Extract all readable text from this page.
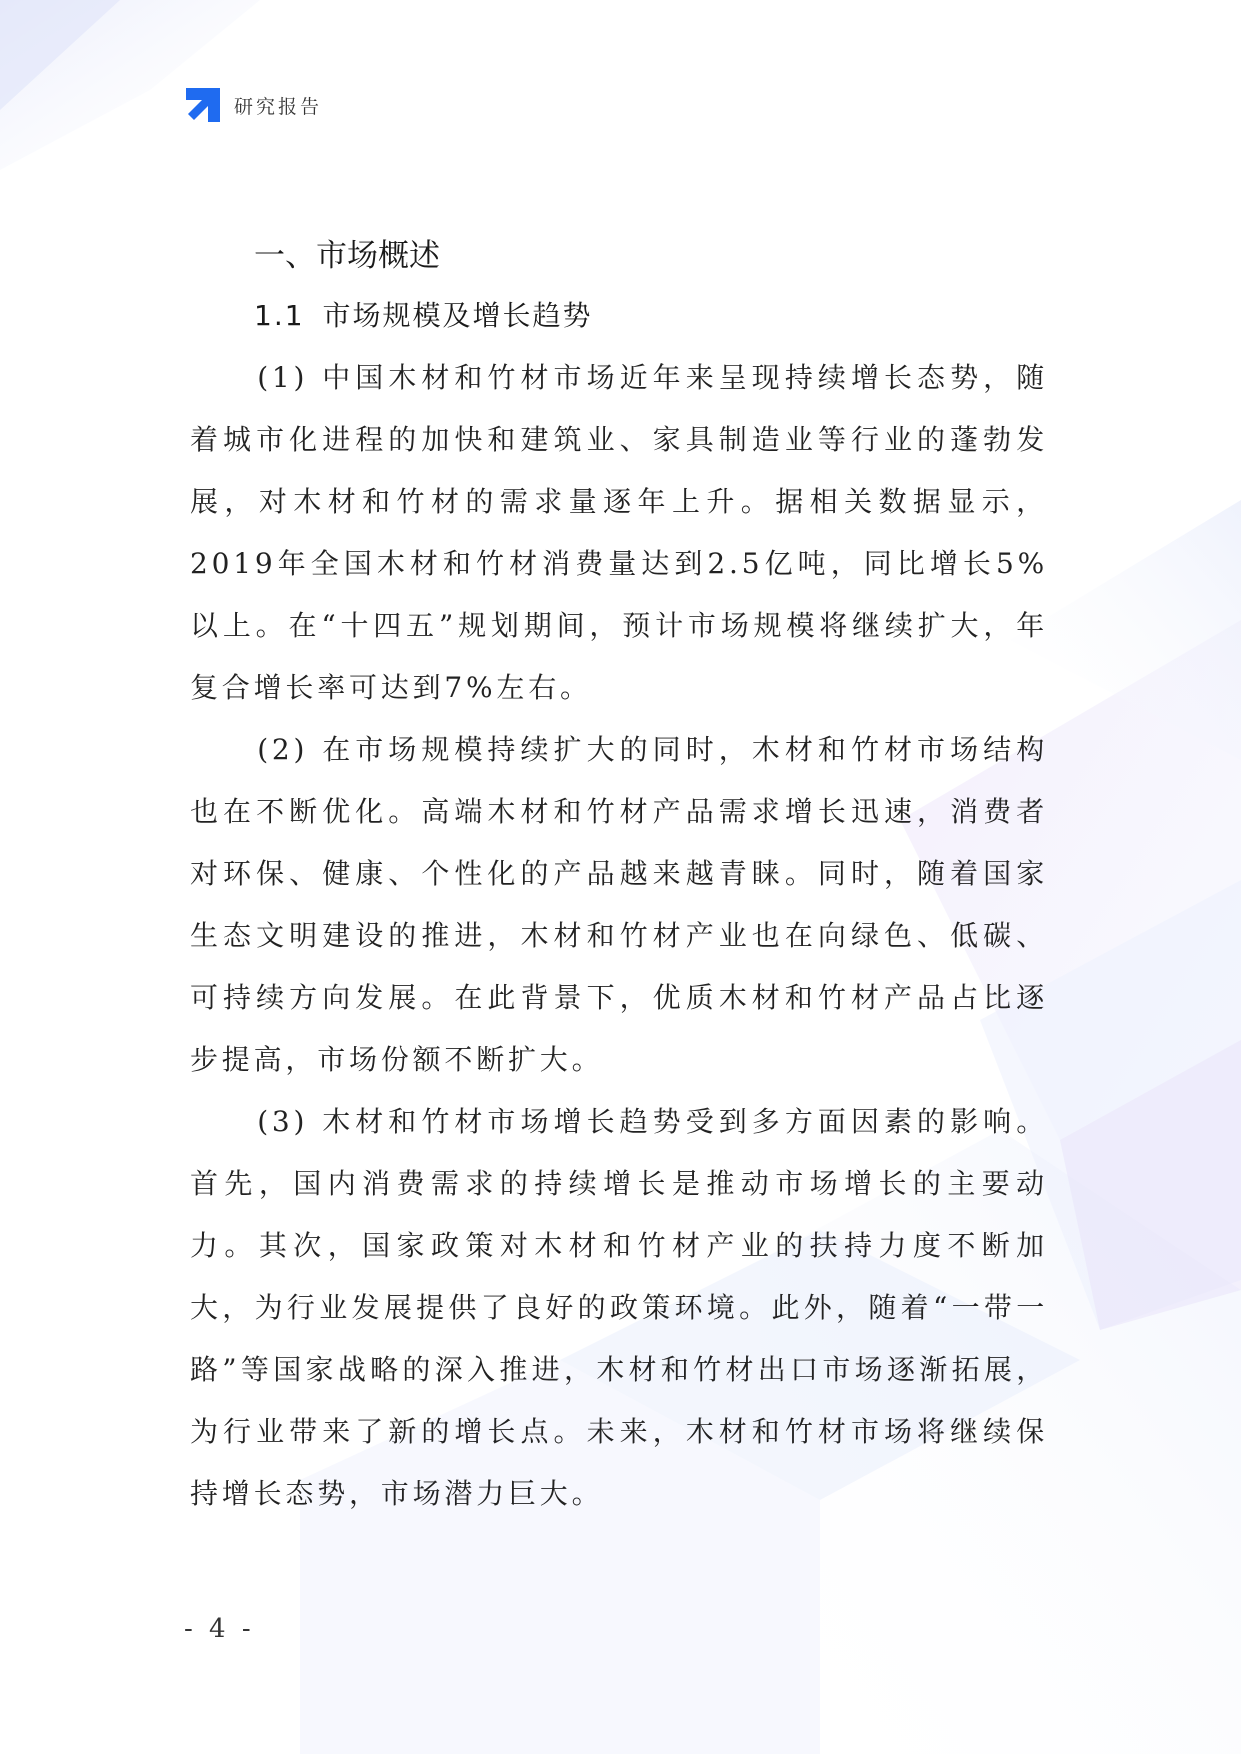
研究报告
一、市场概述
1.1 市场规模及增长趋势

(1) 中国木材和竹材市场近年来呈现持续增长态势，随着城市化进程的加快和建筑业、家具制造业等行业的蓬勃发展，对木材和竹材的需求量逐年上升。据相关数据显示，2019年全国木材和竹材消费量达到2.5亿吨，同比增长5%以上。在“十四五”规划期间，预计市场规模将继续扩大，年复合增长率可达到7%左右。

(2) 在市场规模持续扩大的同时，木材和竹材市场结构也在不断优化。高端木材和竹材产品需求增长迅速，消费者对环保、健康、个性化的产品越来越青睐。同时，随着国家生态文明建设的推进，木材和竹材产业也在向绿色、低碳、可持续方向发展。在此背景下，优质木材和竹材产品占比逐步提高，市场份额不断扩大。

(3) 木材和竹材市场增长趋势受到多方面因素的影响。首先，国内消费需求的持续增长是推动市场增长的主要动力。其次，国家政策对木材和竹材产业的扶持力度不断加大，为行业发展提供了良好的政策环境。此外，随着“一带一路”等国家战略的深入推进，木材和竹材出口市场逐渐拓展，为行业带来了新的增长点。未来，木材和竹材市场将继续保持增长态势，市场潜力巨大。

- 4 -
